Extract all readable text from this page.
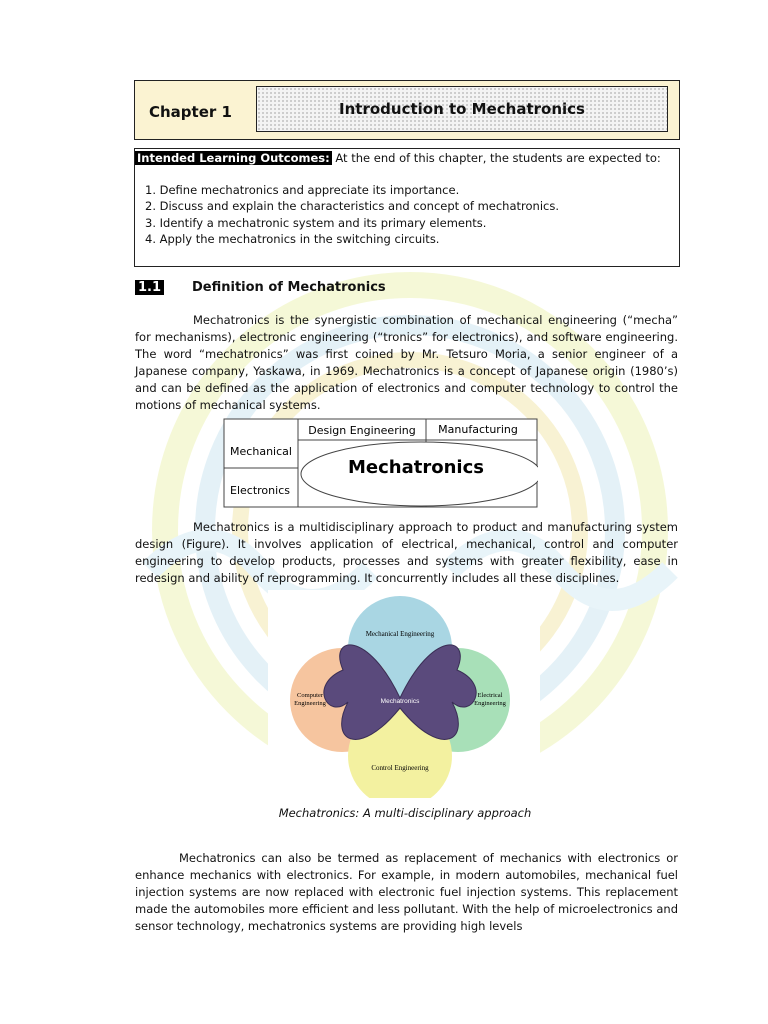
Chapter 1	Introduction to Mechatronics
Intended Learning Outcomes: At the end of this chapter, the students are expected to:
1. Define mechatronics and appreciate its importance.
2. Discuss and explain the characteristics and concept of mechatronics.
3. Identify a mechatronic system and its primary elements.
4. Apply the mechatronics in the switching circuits.
1.1 Definition of Mechatronics

Mechatronics is the synergistic combination of mechanical engineering (“mecha” for mechanisms), electronic engineering (“tronics” for electronics), and software engineering. The word “mechatronics” was first coined by Mr. Tetsuro Moria, a senior engineer of a Japanese company, Yaskawa, in 1969. Mechatronics is a concept of Japanese origin (1980’s) and can be defined as the application of electronics and computer technology to control the motions of mechanical systems.

Design Engineering Manufacturing
Mechanical
Electronics
Mechatronics

Mechatronics is a multidisciplinary approach to product and manufacturing system design (Figure). It involves application of electrical, mechanical, control and computer engineering to develop products, processes and systems with greater flexibility, ease in redesign and ability of reprogramming. It concurrently includes all these disciplines.

Mechanical Engineering
Computer
Engineering
Electrical
Engineering
Control Engineering
Mechatronics
Mechatronics: A multi-disciplinary approach

Mechatronics can also be termed as replacement of mechanics with electronics or enhance mechanics with electronics. For example, in modern automobiles, mechanical fuel injection systems are now replaced with electronic fuel injection systems. This replacement made the automobiles more efficient and less pollutant. With the help of microelectronics and sensor technology, mechatronics systems are providing high levels
